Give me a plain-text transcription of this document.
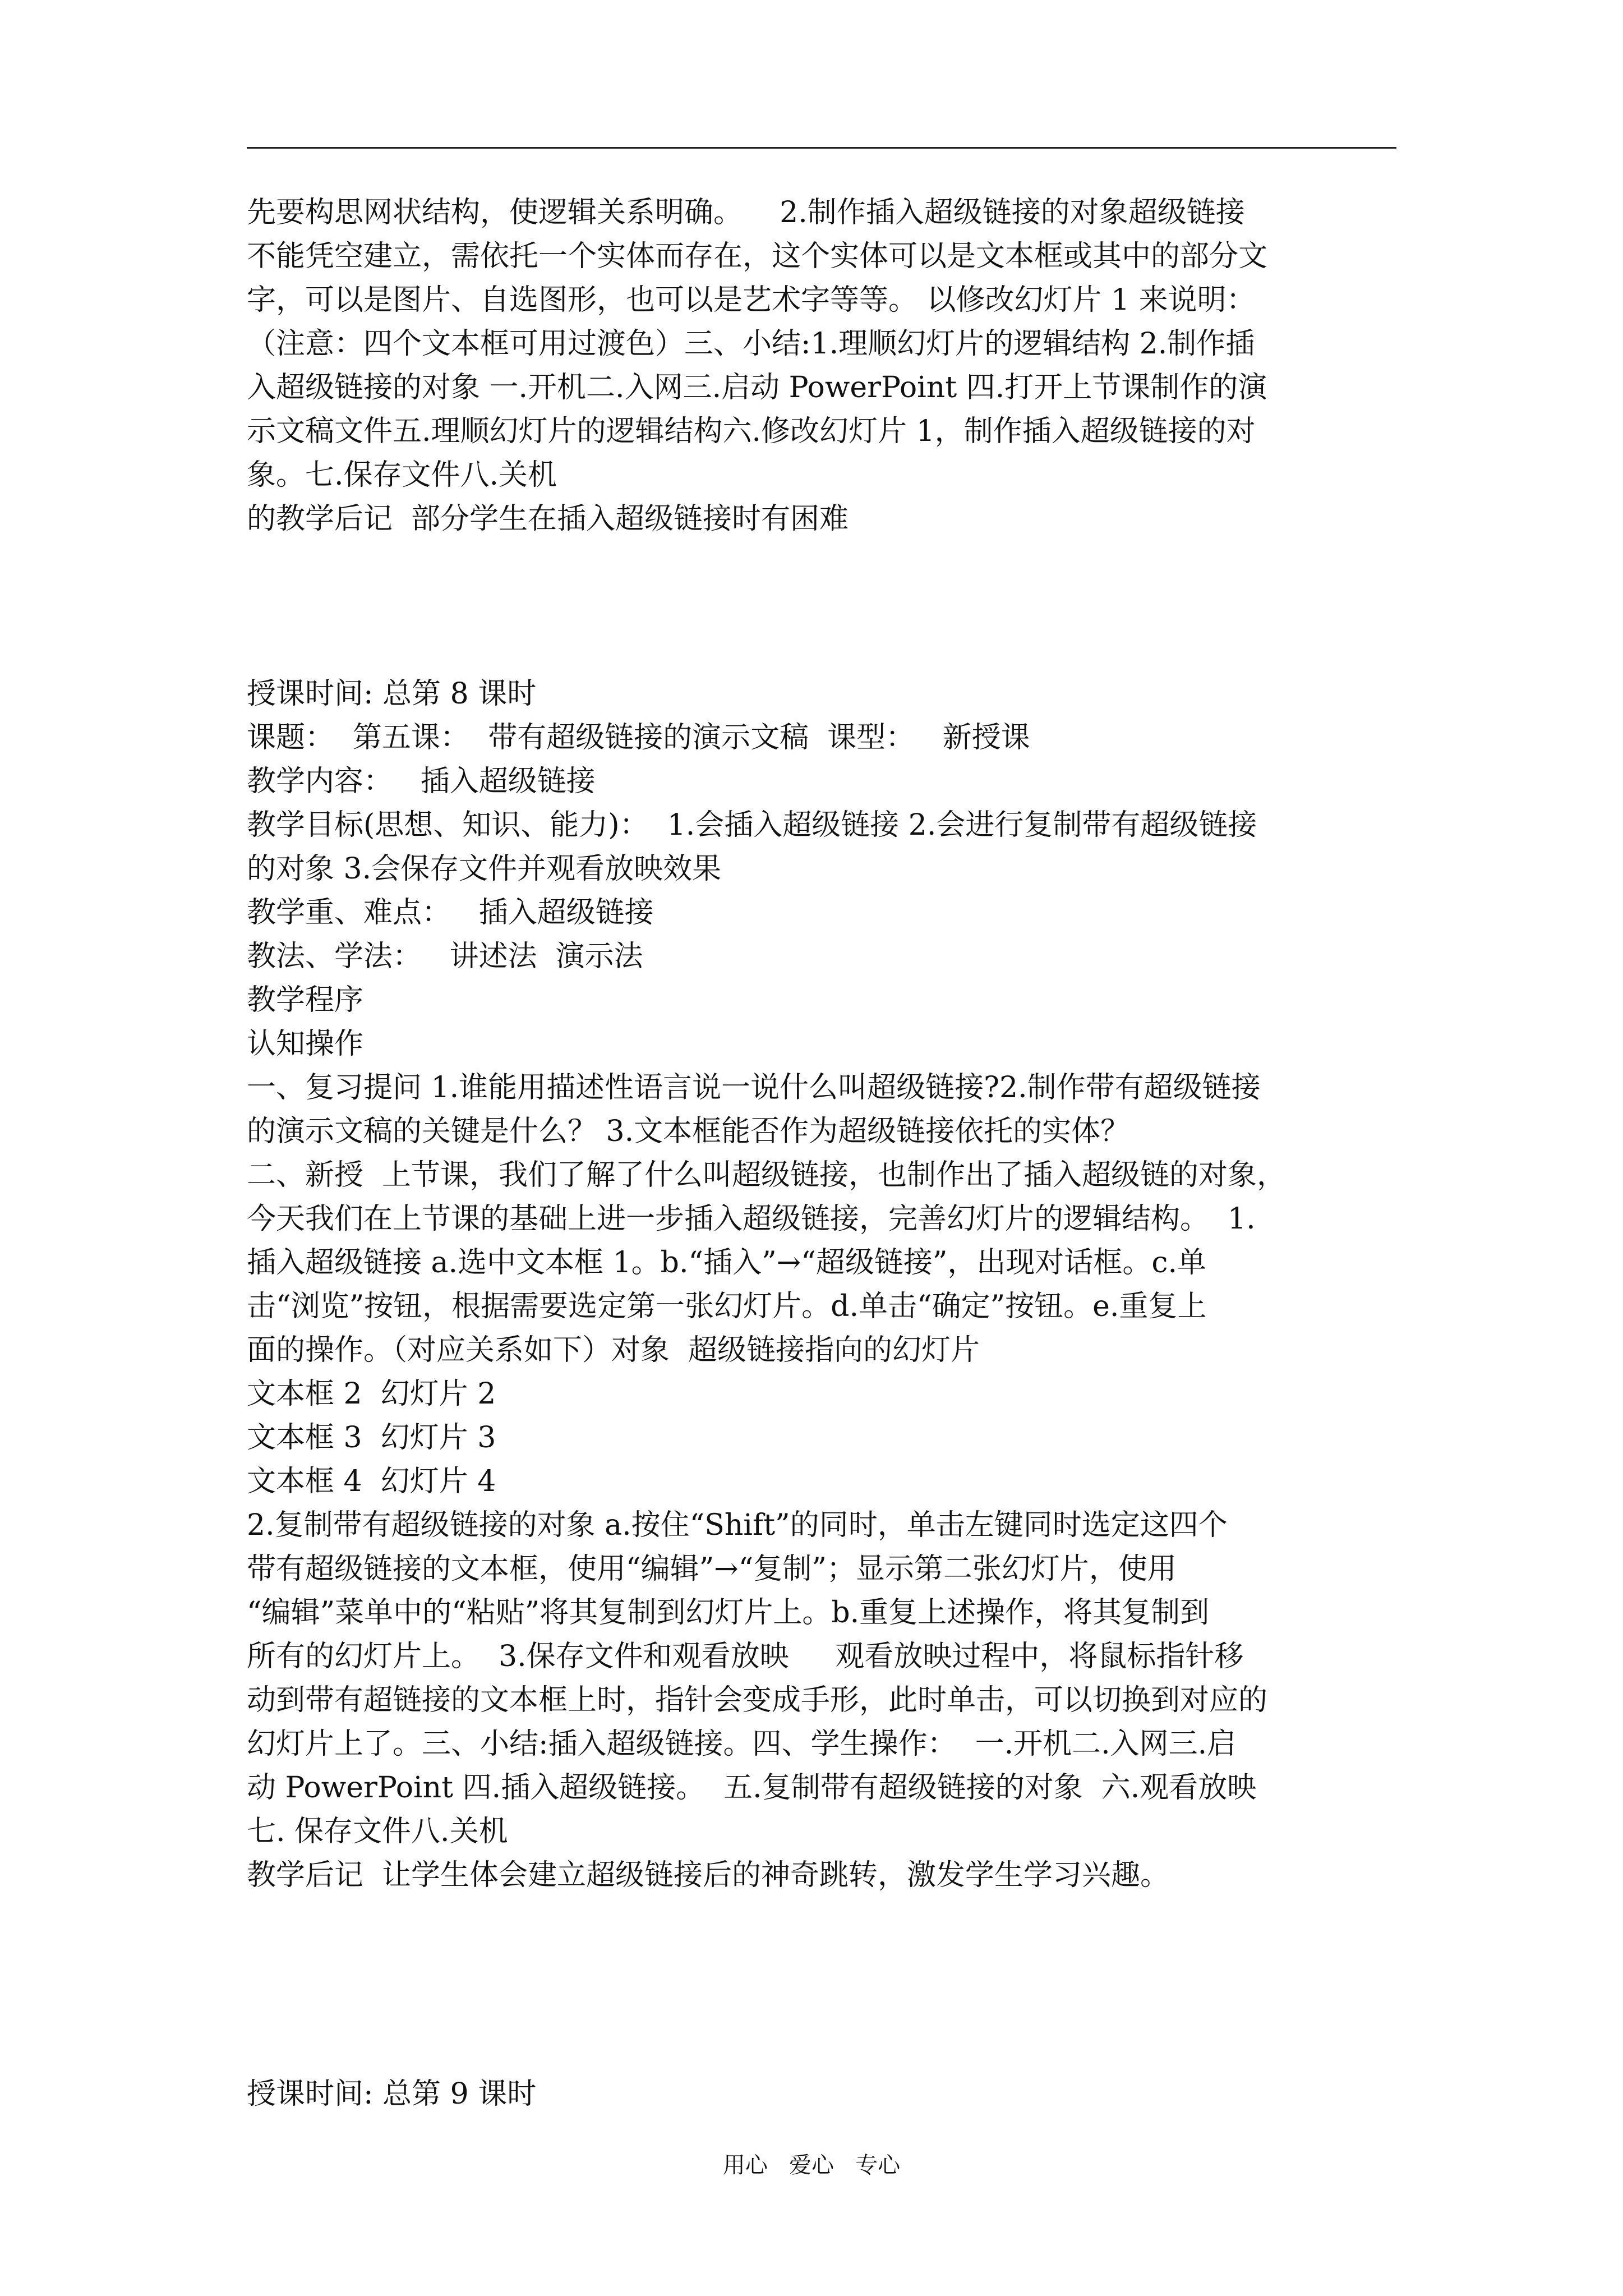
先要构思网状结构，使逻辑关系明确。    2.制作插入超级链接的对象超级链接
不能凭空建立，需依托一个实体而存在，这个实体可以是文本框或其中的部分文
字，可以是图片、自选图形，也可以是艺术字等等。 以修改幻灯片 1 来说明：
（注意：四个文本框可用过渡色）三、小结:1.理顺幻灯片的逻辑结构 2.制作插
入超级链接的对象 一.开机二.入网三.启动 PowerPoint 四.打开上节课制作的演
示文稿文件五.理顺幻灯片的逻辑结构六.修改幻灯片 1，制作插入超级链接的对
象。七.保存文件八.关机
的教学后记  部分学生在插入超级链接时有困难
授课时间: 总第 8 课时
课题：  第五课：  带有超级链接的演示文稿  课型：   新授课
教学内容：   插入超级链接
教学目标(思想、知识、能力)：  1.会插入超级链接 2.会进行复制带有超级链接
的对象 3.会保存文件并观看放映效果
教学重、难点：   插入超级链接
教法、学法：   讲述法  演示法
教学程序
认知操作
一、复习提问 1.谁能用描述性语言说一说什么叫超级链接?2.制作带有超级链接
的演示文稿的关键是什么？ 3.文本框能否作为超级链接依托的实体？
二、新授  上节课，我们了解了什么叫超级链接，也制作出了插入超级链的对象，
今天我们在上节课的基础上进一步插入超级链接，完善幻灯片的逻辑结构。  1.
插入超级链接 a.选中文本框 1。b.“插入”→“超级链接”，出现对话框。c.单
击“浏览”按钮，根据需要选定第一张幻灯片。d.单击“确定”按钮。e.重复上
面的操作。（对应关系如下）对象  超级链接指向的幻灯片
文本框 2  幻灯片 2
文本框 3  幻灯片 3
文本框 4  幻灯片 4
2.复制带有超级链接的对象 a.按住“Shift”的同时，单击左键同时选定这四个
带有超级链接的文本框，使用“编辑”→“复制”；显示第二张幻灯片，使用
“编辑”菜单中的“粘贴”将其复制到幻灯片上。b.重复上述操作，将其复制到
所有的幻灯片上。  3.保存文件和观看放映     观看放映过程中，将鼠标指针移
动到带有超链接的文本框上时，指针会变成手形，此时单击，可以切换到对应的
幻灯片上了。三、小结:插入超级链接。四、学生操作：  一.开机二.入网三.启
动 PowerPoint 四.插入超级链接。  五.复制带有超级链接的对象  六.观看放映
七. 保存文件八.关机
教学后记  让学生体会建立超级链接后的神奇跳转，激发学生学习兴趣。
授课时间: 总第 9 课时
用心   爱心   专心
